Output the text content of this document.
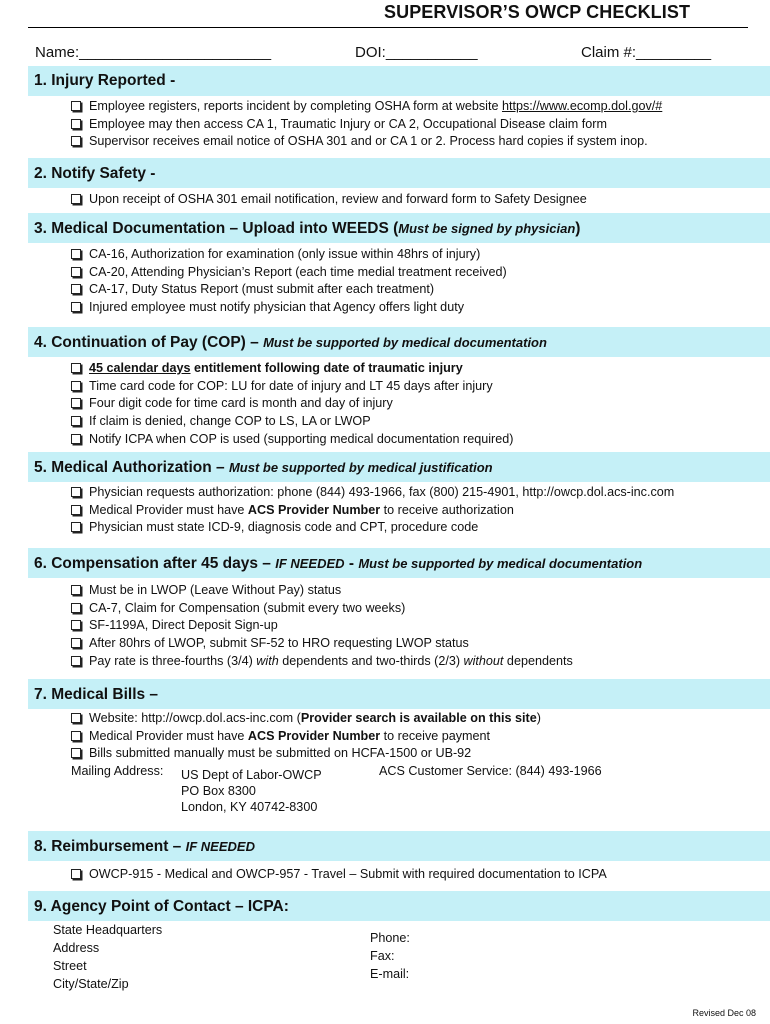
SUPERVISOR’S OWCP CHECKLIST
Name:_______________________	DOI:___________	Claim #:_________
1. Injury Reported -
Employee registers, reports incident by completing OSHA form at website https://www.ecomp.dol.gov/#
Employee may then access CA 1, Traumatic Injury or CA 2, Occupational Disease claim form
Supervisor receives email notice of OSHA 301 and or CA 1 or 2. Process hard copies if system inop.
2. Notify Safety -
Upon receipt of OSHA 301 email notification, review and forward form to Safety Designee
3. Medical Documentation – Upload into WEEDS (Must be signed by physician)
CA-16, Authorization for examination (only issue within 48hrs of injury)
CA-20, Attending Physician’s Report (each time medial treatment received)
CA-17, Duty Status Report (must submit after each treatment)
Injured employee must notify physician that Agency offers light duty
4. Continuation of Pay (COP) – Must be supported by medical documentation
45 calendar days entitlement following date of traumatic injury
Time card code for COP: LU for date of injury and LT 45 days after injury
Four digit code for time card is month and day of injury
If claim is denied, change COP to LS, LA or LWOP
Notify ICPA when COP is used (supporting medical documentation required)
5. Medical Authorization – Must be supported by medical justification
Physician requests authorization: phone (844) 493-1966, fax (800) 215-4901, http://owcp.dol.acs-inc.com
Medical Provider must have ACS Provider Number to receive authorization
Physician must state ICD-9, diagnosis code and CPT, procedure code
6. Compensation after 45 days – IF NEEDED - Must be supported by medical documentation
Must be in LWOP (Leave Without Pay) status
CA-7, Claim for Compensation (submit every two weeks)
SF-1199A, Direct Deposit Sign-up
After 80hrs of LWOP, submit SF-52 to HRO requesting LWOP status
Pay rate is three-fourths (3/4) with dependents and two-thirds (2/3) without dependents
7. Medical Bills –
Website: http://owcp.dol.acs-inc.com (Provider search is available on this site)
Medical Provider must have ACS Provider Number to receive payment
Bills submitted manually must be submitted on HCFA-1500 or UB-92
Mailing Address: US Dept of Labor-OWCP
PO Box 8300
London, KY 40742-8300
ACS Customer Service: (844) 493-1966
8. Reimbursement – IF NEEDED
OWCP-915 - Medical and OWCP-957 - Travel – Submit with required documentation to ICPA
9. Agency Point of Contact – ICPA:
State Headquarters
Address
Street
City/State/Zip
Phone:
Fax:
E-mail:
Revised Dec 08
